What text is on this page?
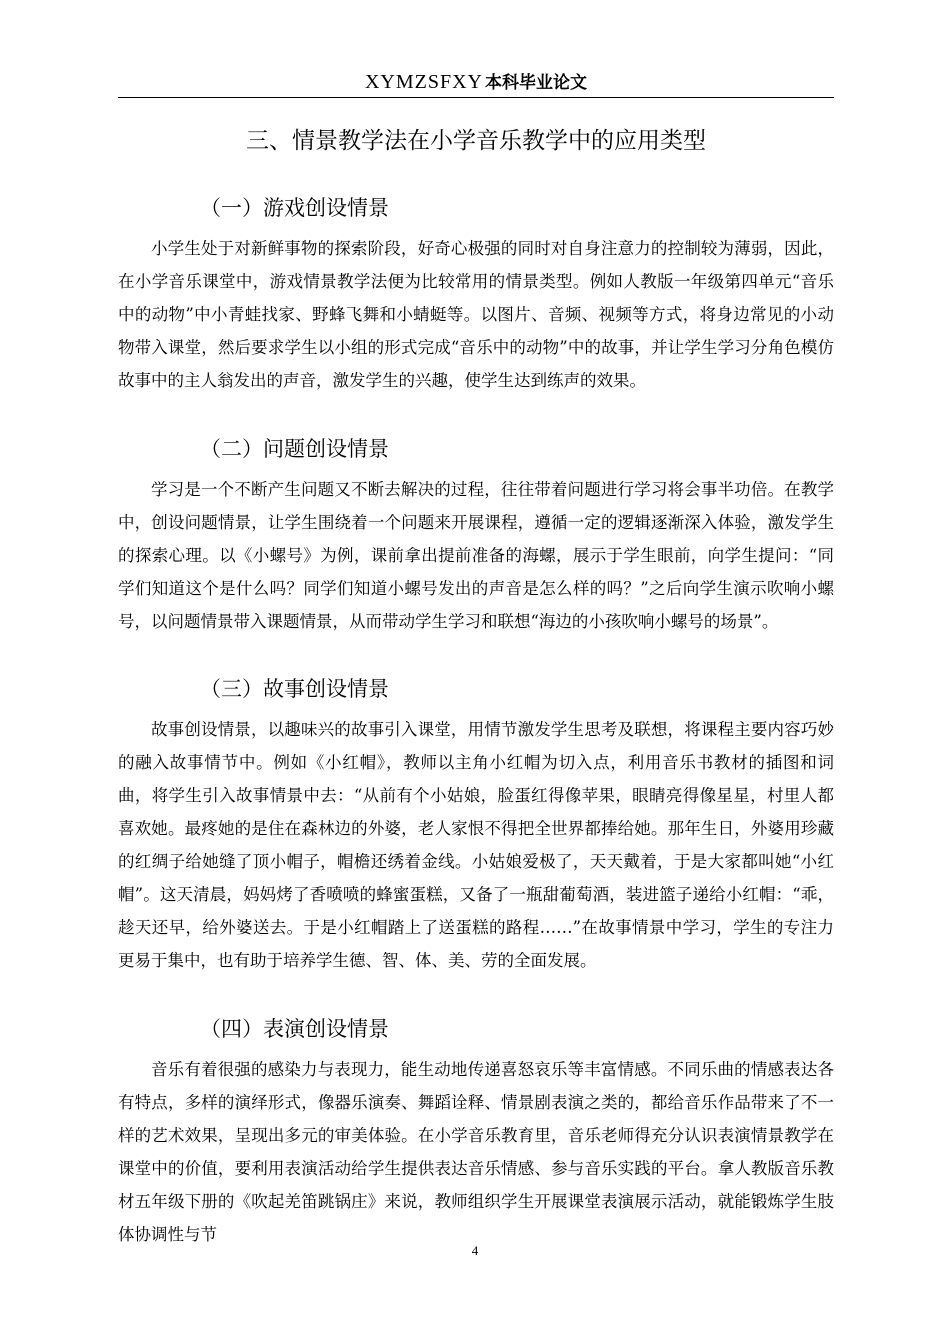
XYMZSFXY 本科毕业论文
三、情景教学法在小学音乐教学中的应用类型
（一）游戏创设情景

小学生处于对新鲜事物的探索阶段，好奇心极强的同时对自身注意力的控制较为薄弱，因此，在小学音乐课堂中，游戏情景教学法便为比较常用的情景类型。例如人教版一年级第四单元“音乐中的动物”中小青蛙找家、野蜂飞舞和小蜻蜓等。以图片、音频、视频等方式，将身边常见的小动物带入课堂，然后要求学生以小组的形式完成“音乐中的动物”中的故事，并让学生学习分角色模仿故事中的主人翁发出的声音，激发学生的兴趣，使学生达到练声的效果。

（二）问题创设情景

学习是一个不断产生问题又不断去解决的过程，往往带着问题进行学习将会事半功倍。在教学中，创设问题情景，让学生围绕着一个问题来开展课程，遵循一定的逻辑逐渐深入体验，激发学生的探索心理。以《小螺号》为例，课前拿出提前准备的海螺，展示于学生眼前，向学生提问：“同学们知道这个是什么吗？同学们知道小螺号发出的声音是怎么样的吗？”之后向学生演示吹响小螺号，以问题情景带入课题情景，从而带动学生学习和联想“海边的小孩吹响小螺号的场景”。

（三）故事创设情景

故事创设情景，以趣味兴的故事引入课堂，用情节激发学生思考及联想，将课程主要内容巧妙的融入故事情节中。例如《小红帽》，教师以主角小红帽为切入点，利用音乐书教材的插图和词曲，将学生引入故事情景中去：“从前有个小姑娘，脸蛋红得像苹果，眼睛亮得像星星，村里人都喜欢她。最疼她的是住在森林边的外婆，老人家恨不得把全世界都捧给她。那年生日，外婆用珍藏的红绸子给她缝了顶小帽子，帽檐还绣着金线。小姑娘爱极了，天天戴着，于是大家都叫她“小红帽”。这天清晨，妈妈烤了香喷喷的蜂蜜蛋糕，又备了一瓶甜葡萄酒，装进篮子递给小红帽：“乖，趁天还早，给外婆送去。于是小红帽踏上了送蛋糕的路程……”在故事情景中学习，学生的专注力更易于集中，也有助于培养学生德、智、体、美、劳的全面发展。

（四）表演创设情景

音乐有着很强的感染力与表现力，能生动地传递喜怒哀乐等丰富情感。不同乐曲的情感表达各有特点，多样的演绎形式，像器乐演奏、舞蹈诠释、情景剧表演之类的，都给音乐作品带来了不一样的艺术效果，呈现出多元的审美体验。在小学音乐教育里，音乐老师得充分认识表演情景教学在课堂中的价值，要利用表演活动给学生提供表达音乐情感、参与音乐实践的平台。拿人教版音乐教材五年级下册的《吹起羌笛跳锅庄》来说，教师组织学生开展课堂表演展示活动，就能锻炼学生肢体协调性与节

4
